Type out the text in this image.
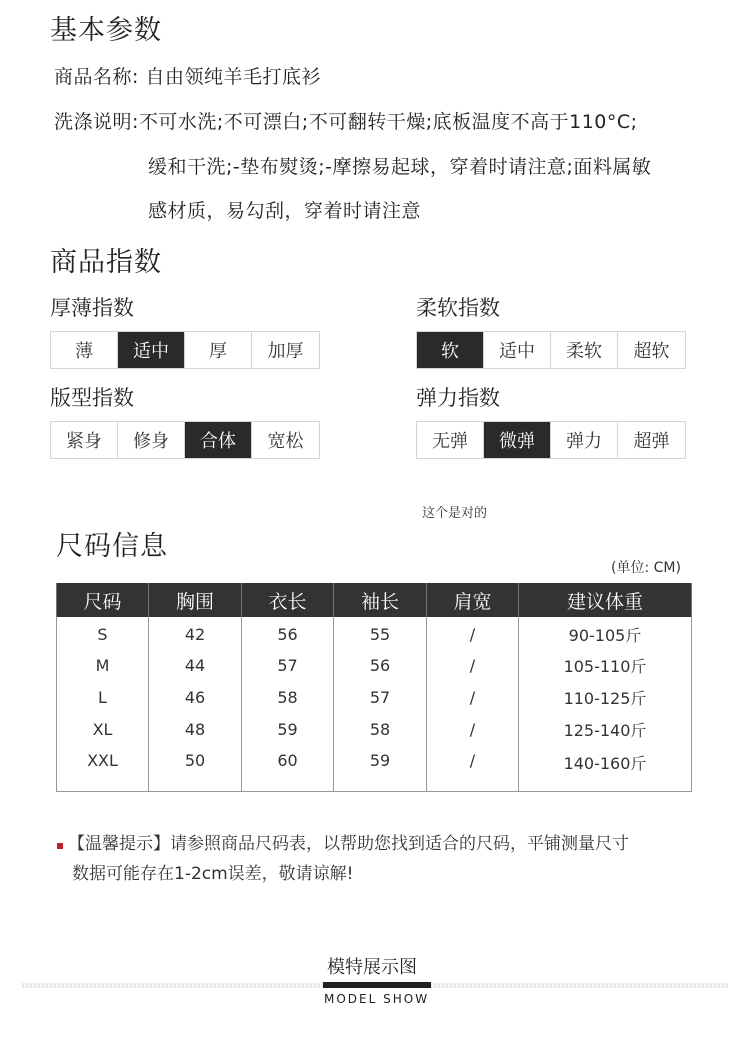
基本参数
商品名称: 自由领纯羊毛打底衫
洗涤说明:不可水洗;不可漂白;不可翻转干燥;底板温度不高于110°C;
缓和干洗;-垫布熨烫;-摩擦易起球，穿着时请注意;面料属敏
感材质，易勾刮，穿着时请注意
商品指数
厚薄指数
薄	适中	厚	加厚
柔软指数
软	适中	柔软	超软
版型指数
紧身	修身	合体	宽松
弹力指数
无弹	微弹	弹力	超弹
这个是对的
尺码信息
(单位: CM)
尺码	胸围	衣长	袖长	肩宽	建议体重
S	42	56	55	/	90-105斤
M	44	57	56	/	105-110斤
L	46	58	57	/	110-125斤
XL	48	59	58	/	125-140斤
XXL	50	60	59	/	140-160斤
【温馨提示】请参照商品尺码表，以帮助您找到适合的尺码，平铺测量尺寸
数据可能存在1-2cm误差，敬请谅解!
模特展示图
MODEL SHOW
